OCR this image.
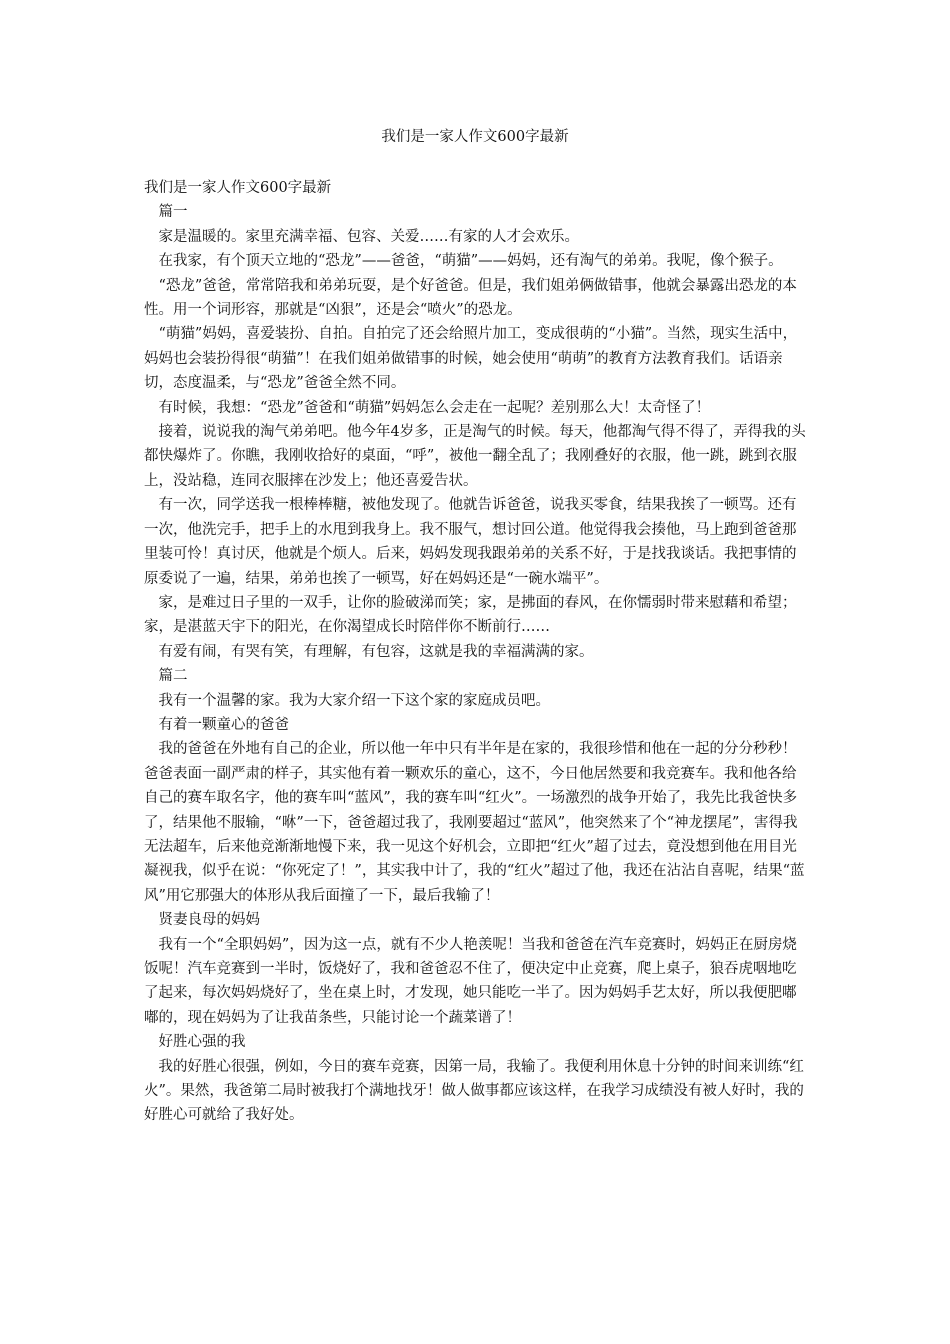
我们是一家人作文600字最新

我们是一家人作文600字最新

　篇一

　家是温暖的。家里充满幸福、包容、关爱……有家的人才会欢乐。

　在我家，有个顶天立地的“恐龙”——爸爸，“萌猫”——妈妈，还有淘气的弟弟。我呢，像个猴子。

　“恐龙”爸爸，常常陪我和弟弟玩耍，是个好爸爸。但是，我们姐弟俩做错事，他就会暴露出恐龙的本性。用一个词形容，那就是“凶狠”，还是会“喷火”的恐龙。

　“萌猫”妈妈，喜爱装扮、自拍。自拍完了还会给照片加工，变成很萌的“小猫”。当然，现实生活中，妈妈也会装扮得很“萌猫”！在我们姐弟做错事的时候，她会使用“萌萌”的教育方法教育我们。话语亲切，态度温柔，与“恐龙”爸爸全然不同。

　有时候，我想：“恐龙”爸爸和“萌猫”妈妈怎么会走在一起呢？差别那么大！太奇怪了！

　接着，说说我的淘气弟弟吧。他今年4岁多，正是淘气的时候。每天，他都淘气得不得了，弄得我的头都快爆炸了。你瞧，我刚收拾好的桌面，“呼”，被他一翻全乱了；我刚叠好的衣服，他一跳，跳到衣服上，没站稳，连同衣服摔在沙发上；他还喜爱告状。

　有一次，同学送我一根棒棒糖，被他发现了。他就告诉爸爸，说我买零食，结果我挨了一顿骂。还有一次，他洗完手，把手上的水甩到我身上。我不服气，想讨回公道。他觉得我会揍他，马上跑到爸爸那里装可怜！真讨厌，他就是个烦人。后来，妈妈发现我跟弟弟的关系不好，于是找我谈话。我把事情的原委说了一遍，结果，弟弟也挨了一顿骂，好在妈妈还是“一碗水端平”。

　家，是难过日子里的一双手，让你的脸破涕而笑；家，是拂面的春风，在你懦弱时带来慰藉和希望；家，是湛蓝天宇下的阳光，在你渴望成长时陪伴你不断前行……

　有爱有闹，有哭有笑，有理解，有包容，这就是我的幸福满满的家。

　篇二

　我有一个温馨的家。我为大家介绍一下这个家的家庭成员吧。

　有着一颗童心的爸爸

　我的爸爸在外地有自己的企业，所以他一年中只有半年是在家的，我很珍惜和他在一起的分分秒秒！爸爸表面一副严肃的样子，其实他有着一颗欢乐的童心，这不，今日他居然要和我竞赛车。我和他各给自己的赛车取名字，他的赛车叫“蓝风”，我的赛车叫“红火”。一场激烈的战争开始了，我先比我爸快多了，结果他不服输，“咻”一下，爸爸超过我了，我刚要超过“蓝风”，他突然来了个“神龙摆尾”，害得我无法超车，后来他竞渐渐地慢下来，我一见这个好机会，立即把“红火”超了过去，竟没想到他在用目光凝视我，似乎在说：“你死定了！”，其实我中计了，我的“红火”超过了他，我还在沾沾自喜呢，结果“蓝风”用它那强大的体形从我后面撞了一下，最后我输了！

　贤妻良母的妈妈

　我有一个“全职妈妈”，因为这一点，就有不少人艳羡呢！当我和爸爸在汽车竞赛时，妈妈正在厨房烧饭呢！汽车竞赛到一半时，饭烧好了，我和爸爸忍不住了，便决定中止竞赛，爬上桌子，狼吞虎咽地吃了起来，每次妈妈烧好了，坐在桌上时，才发现，她只能吃一半了。因为妈妈手艺太好，所以我便肥嘟嘟的，现在妈妈为了让我苗条些，只能讨论一个蔬菜谱了！

　好胜心强的我

　我的好胜心很强，例如，今日的赛车竞赛，因第一局，我输了。我便利用休息十分钟的时间来训练“红火”。果然，我爸第二局时被我打个满地找牙！做人做事都应该这样，在我学习成绩没有被人好时，我的好胜心可就给了我好处。
